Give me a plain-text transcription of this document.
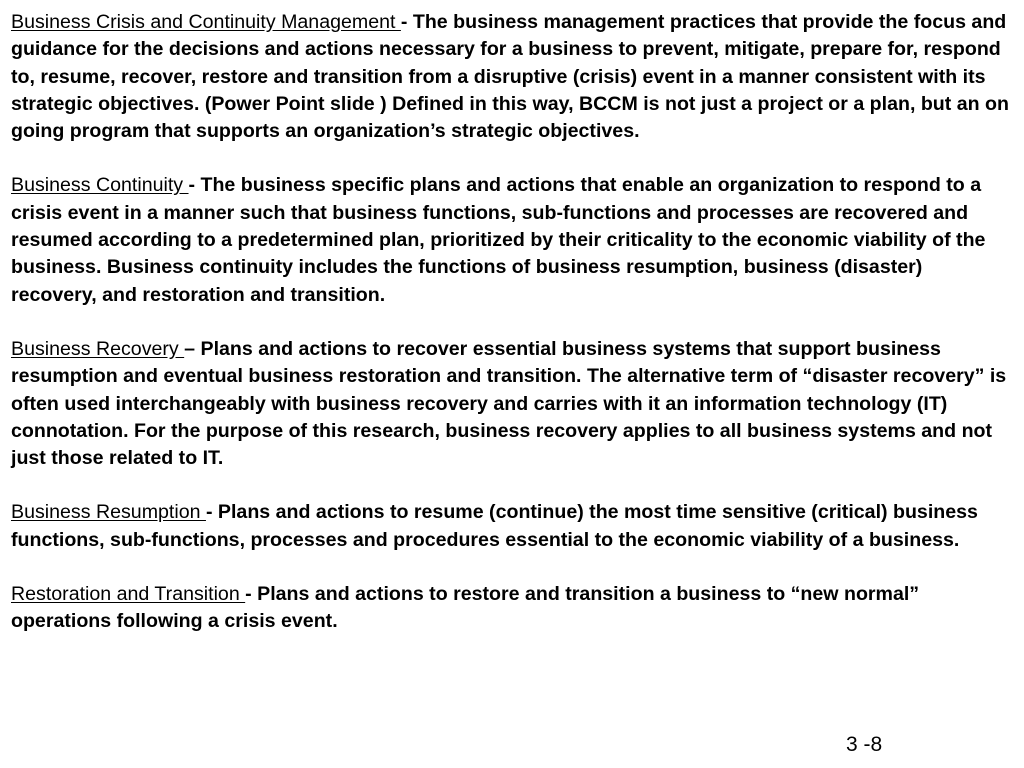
Business Crisis and Continuity Management - The business management practices that provide the focus and guidance for the decisions and actions necessary for a business to prevent, mitigate, prepare for, respond to, resume, recover, restore and transition from a disruptive (crisis) event in a manner consistent with its strategic objectives. (Power Point slide ) Defined in this way, BCCM is not just a project or a plan, but an on going program that supports an organization’s strategic objectives.

Business Continuity - The business specific plans and actions that enable an organization to respond to a crisis event in a manner such that business functions, sub-functions and processes are recovered and resumed according to a predetermined plan, prioritized by their criticality to the economic viability of the business. Business continuity includes the functions of business resumption, business (disaster) recovery, and restoration and transition.

Business Recovery – Plans and actions to recover essential business systems that support business resumption and eventual business restoration and transition. The alternative term of “disaster recovery” is often used interchangeably with business recovery and carries with it an information technology (IT) connotation. For the purpose of this research, business recovery applies to all business systems and not just those related to IT.

Business Resumption - Plans and actions to resume (continue) the most time sensitive (critical) business functions, sub-functions, processes and procedures essential to the economic viability of a business.

Restoration and Transition - Plans and actions to restore and transition a business to “new normal” operations following a crisis event.

3 -8
